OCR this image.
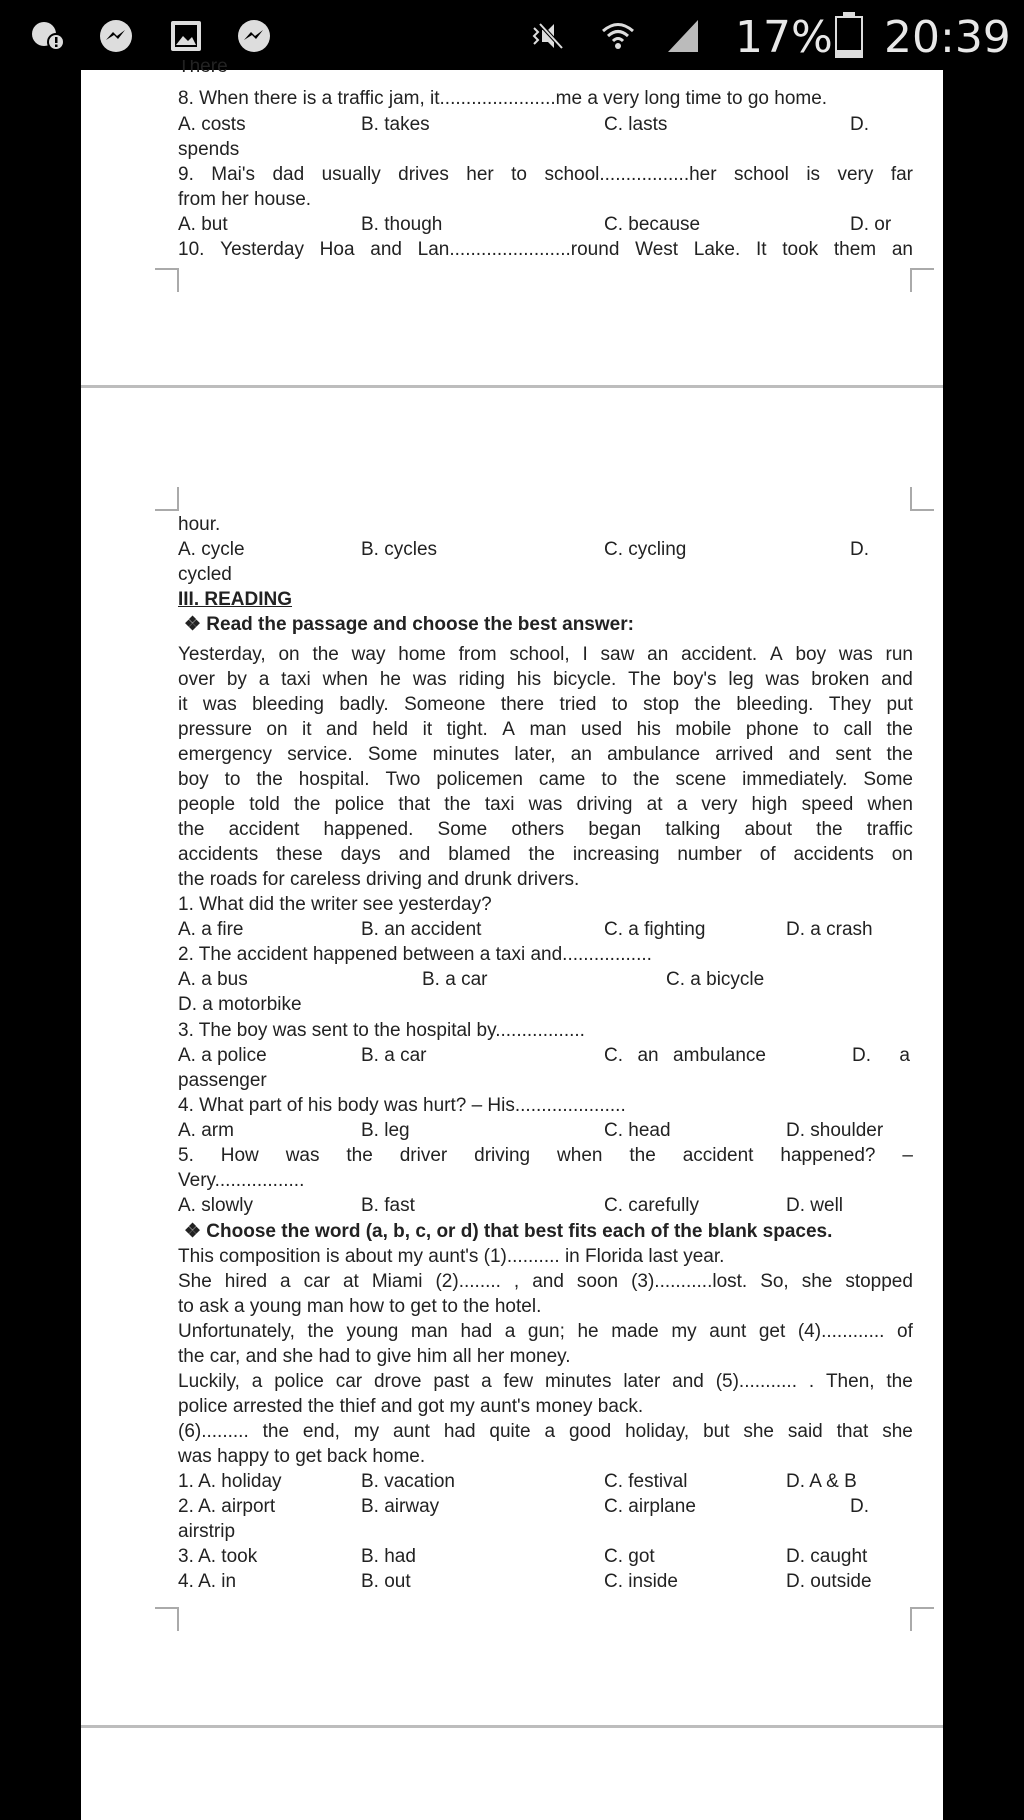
17% 20:39
There
8. When there is a traffic jam, it......................me a very long time to go home.
A. costs	B. takes	C. lasts	D.
spends
9. Mai's dad usually drives her to school.................her school is very far
from her house.
A. but	B. though	C. because	D. or
10. Yesterday Hoa and Lan.......................round West Lake. It took them an
hour.
A. cycle	B. cycles	C. cycling	D.
cycled
III. READING
❖ Read the passage and choose the best answer:
Yesterday, on the way home from school, I saw an accident. A boy was run
over by a taxi when he was riding his bicycle. The boy's leg was broken and
it was bleeding badly. Someone there tried to stop the bleeding. They put
pressure on it and held it tight. A man used his mobile phone to call the
emergency service. Some minutes later, an ambulance arrived and sent the
boy to the hospital. Two policemen came to the scene immediately. Some
people told the police that the taxi was driving at a very high speed when
the accident happened. Some others began talking about the traffic
accidents these days and blamed the increasing number of accidents on
the roads for careless driving and drunk drivers.
1. What did the writer see yesterday?
A. a fire	B. an accident	C. a fighting	D. a crash
2. The accident happened between a taxi and.................
A. a bus	B. a car	C. a bicycle
D. a motorbike
3. The boy was sent to the hospital by.................
A. a police	B. a car	C. an ambulance	D. a
passenger
4. What part of his body was hurt? – His.....................
A. arm	B. leg	C. head	D. shoulder
5. How was the driver driving when the accident happened? –
Very.................
A. slowly	B. fast	C. carefully	D. well
❖ Choose the word (a, b, c, or d) that best fits each of the blank spaces.
This composition is about my aunt's (1).......... in Florida last year.
She hired a car at Miami (2)........ , and soon (3)...........lost. So, she stopped
to ask a young man how to get to the hotel.
Unfortunately, the young man had a gun; he made my aunt get (4)............ of
the car, and she had to give him all her money.
Luckily, a police car drove past a few minutes later and (5)........... . Then, the
police arrested the thief and got my aunt's money back.
(6)......... the end, my aunt had quite a good holiday, but she said that she
was happy to get back home.
1. A. holiday	B. vacation	C. festival	D. A & B
2. A. airport	B. airway	C. airplane	D.
airstrip
3. A. took	B. had	C. got	D. caught
4. A. in	B. out	C. inside	D. outside
